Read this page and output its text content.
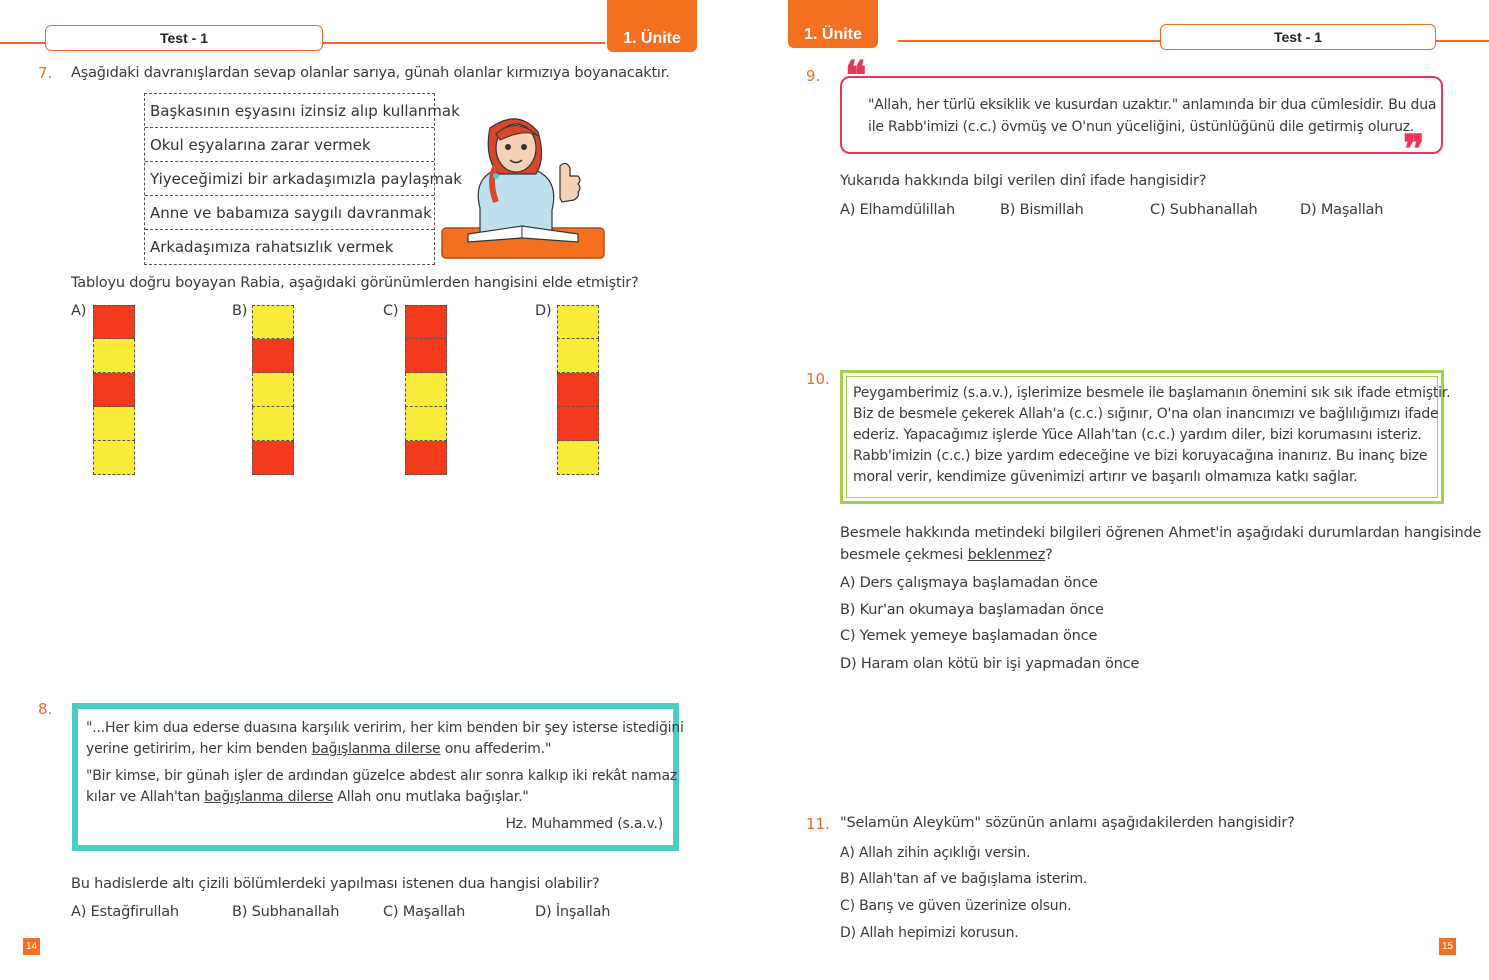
Test - 1	1. Ünite
7. Aşağıdaki davranışlardan sevap olanlar sarıya, günah olanlar kırmızıya boyanacaktır.
Başkasının eşyasını izinsiz alıp kullanmak
Okul eşyalarına zarar vermek
Yiyeceğimizi bir arkadaşımızla paylaşmak
Anne ve babamıza saygılı davranmak
Arkadaşımıza rahatsızlık vermek
Tabloyu doğru boyayan Rabia, aşağıdaki görünümlerden hangisini elde etmiştir?
A)	B)	C)	D)
8.
"...Her kim dua ederse duasına karşılık veririm, her kim benden bir şey isterse istediğini
yerine getiririm, her kim benden bağışlanma dilerse onu affederim."
"Bir kimse, bir günah işler de ardından güzelce abdest alır sonra kalkıp iki rekât namaz
kılar ve Allah'tan bağışlanma dilerse Allah onu mutlaka bağışlar."
Hz. Muhammed (s.a.v.)
Bu hadislerde altı çizili bölümlerdeki yapılması istenen dua hangisi olabilir?
A) Estağfirullah	B) Subhanallah	C) Maşallah	D) İnşallah
14
1. Ünite	Test - 1
9. ❝
❞
"Allah, her türlü eksiklik ve kusurdan uzaktır." anlamında bir dua cümlesidir. Bu dua
ile Rabb'imizi (c.c.) övmüş ve O'nun yüceliğini, üstünlüğünü dile getirmiş oluruz.
Yukarıda hakkında bilgi verilen dinî ifade hangisidir?
A) Elhamdülillah	B) Bismillah	C) Subhanallah	D) Maşallah
10.
Peygamberimiz (s.a.v.), işlerimize besmele ile başlamanın önemini sık sık ifade etmiştir.
Biz de besmele çekerek Allah'a (c.c.) sığınır, O'na olan inancımızı ve bağlılığımızı ifade
ederiz. Yapacağımız işlerde Yüce Allah'tan (c.c.) yardım diler, bizi korumasını isteriz.
Rabb'imizin (c.c.) bize yardım edeceğine ve bizi koruyacağına inanırız. Bu inanç bize
moral verir, kendimize güvenimizi artırır ve başarılı olmamıza katkı sağlar.
Besmele hakkında metindeki bilgileri öğrenen Ahmet'in aşağıdaki durumlardan hangisinde
besmele çekmesi beklenmez?
A) Ders çalışmaya başlamadan önce
B) Kur'an okumaya başlamadan önce
C) Yemek yemeye başlamadan önce
D) Haram olan kötü bir işi yapmadan önce
11. "Selamün Aleyküm" sözünün anlamı aşağıdakilerden hangisidir?
A) Allah zihin açıklığı versin.
B) Allah'tan af ve bağışlama isterim.
C) Barış ve güven üzerinize olsun.
D) Allah hepimizi korusun.
15
